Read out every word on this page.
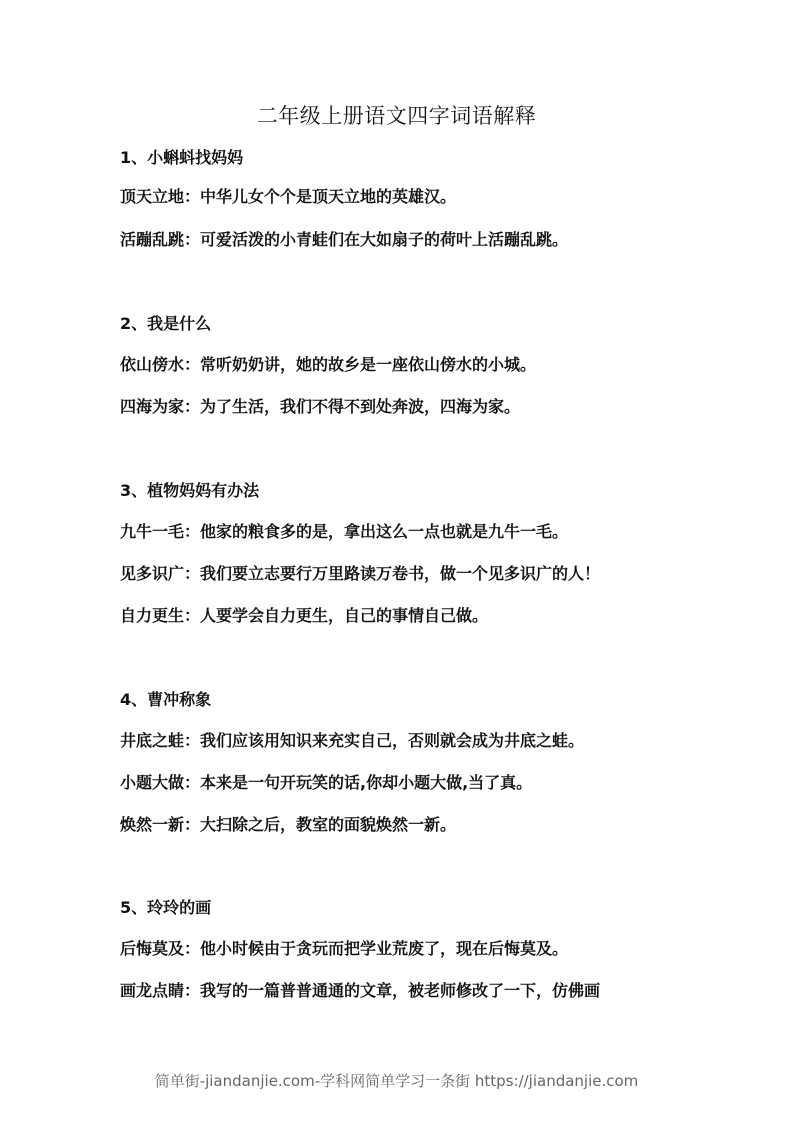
二年级上册语文四字词语解释
1、小蝌蚪找妈妈
顶天立地：中华儿女个个是顶天立地的英雄汉。
活蹦乱跳：可爱活泼的小青蛙们在大如扇子的荷叶上活蹦乱跳。
2、我是什么
依山傍水：常听奶奶讲，她的故乡是一座依山傍水的小城。
四海为家：为了生活，我们不得不到处奔波，四海为家。
3、植物妈妈有办法
九牛一毛：他家的粮食多的是，拿出这么一点也就是九牛一毛。
见多识广：我们要立志要行万里路读万卷书，做一个见多识广的人！
自力更生：人要学会自力更生，自己的事情自己做。
4、曹冲称象
井底之蛙：我们应该用知识来充实自己，否则就会成为井底之蛙。
小题大做：本来是一句开玩笑的话,你却小题大做,当了真。
焕然一新：大扫除之后，教室的面貌焕然一新。
5、玲玲的画
后悔莫及：他小时候由于贪玩而把学业荒废了，现在后悔莫及。
画龙点睛：我写的一篇普普通通的文章，被老师修改了一下，仿佛画
简单街-jiandanjie.com-学科网简单学习一条街 https://jiandanjie.com
